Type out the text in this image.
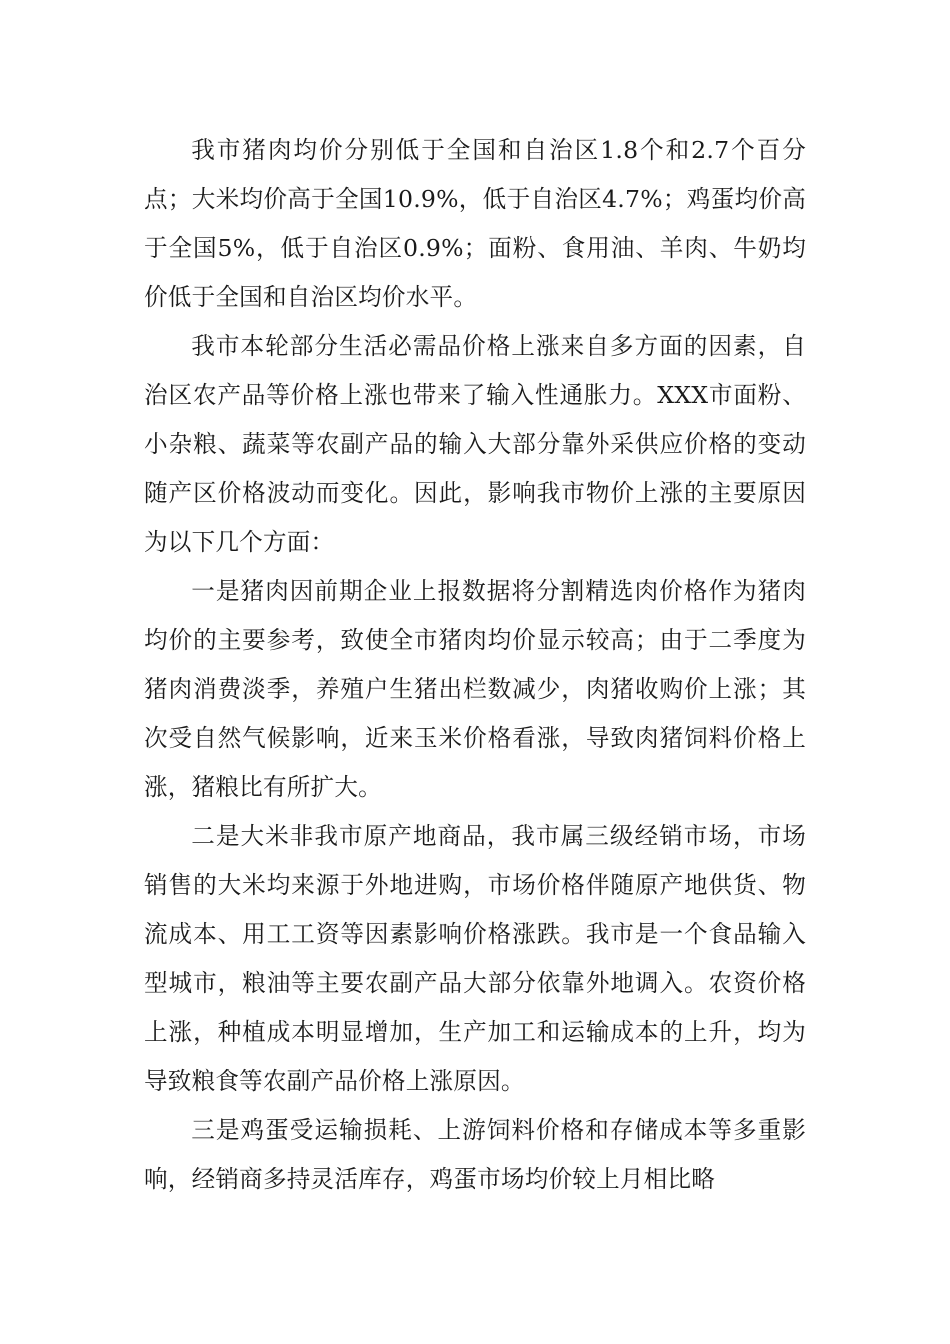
我市猪肉均价分别低于全国和自治区1.8个和2.7个百分点；大米均价高于全国10.9%，低于自治区4.7%；鸡蛋均价高于全国5%，低于自治区0.9%；面粉、食用油、羊肉、牛奶均价低于全国和自治区均价水平。

我市本轮部分生活必需品价格上涨来自多方面的因素，自治区农产品等价格上涨也带来了输入性通胀力。XXX市面粉、小杂粮、蔬菜等农副产品的输入大部分靠外采供应价格的变动随产区价格波动而变化。因此，影响我市物价上涨的主要原因为以下几个方面：

一是猪肉因前期企业上报数据将分割精选肉价格作为猪肉均价的主要参考，致使全市猪肉均价显示较高；由于二季度为猪肉消费淡季，养殖户生猪出栏数减少，肉猪收购价上涨；其次受自然气候影响，近来玉米价格看涨，导致肉猪饲料价格上涨，猪粮比有所扩大。

二是大米非我市原产地商品，我市属三级经销市场，市场销售的大米均来源于外地进购，市场价格伴随原产地供货、物流成本、用工工资等因素影响价格涨跌。我市是一个食品输入型城市，粮油等主要农副产品大部分依靠外地调入。农资价格上涨，种植成本明显增加，生产加工和运输成本的上升，均为导致粮食等农副产品价格上涨原因。

三是鸡蛋受运输损耗、上游饲料价格和存储成本等多重影响，经销商多持灵活库存，鸡蛋市场均价较上月相比略
